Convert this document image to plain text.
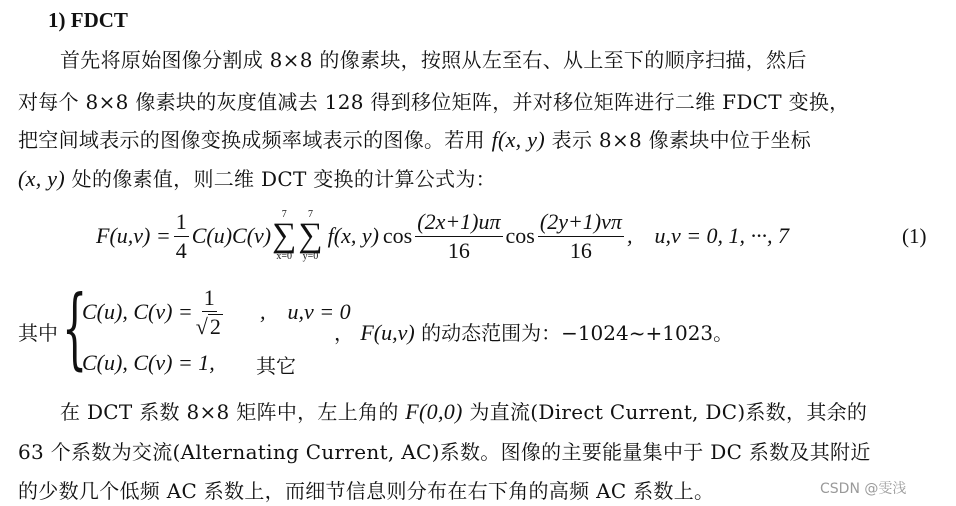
1) FDCT
首先将原始图像分割成 8×8 的像素块，按照从左至右、从上至下的顺序扫描，然后
对每个 8×8 像素块的灰度值减去 128 得到移位矩阵，并对移位矩阵进行二维 FDCT 变换，
把空间域表示的图像变换成频率域表示的图像。若用 f(x, y) 表示 8×8 像素块中位于坐标
(x, y) 处的像素值，则二维 DCT 变换的计算公式为：
$F(u,v) = \frac{1}{4} C(u)C(v)$
7
∑
x=0
7
∑
y=0
f(x, y) $\cos \frac{(2x+1)u\pi}{16}$ $\cos \frac{(2y+1)v\pi}{16}$ ,    u,v = 0, 1, ···, 7	(1)
其中 {
C(u), $C(v) = \frac{1}{√ 2}$ ,    u,v = 0
C(u), C(v) = 1, 其它
， F(u,v) 的动态范围为：−1024~+1023。
在 DCT 系数 8×8 矩阵中，左上角的 F(0,0) 为直流(Direct Current, DC)系数，其余的
63 个系数为交流(Alternating Current, AC)系数。图像的主要能量集中于 DC 系数及其附近
的少数几个低频 AC 系数上，而细节信息则分布在右下角的高频 AC 系数上。	CSDN @雯浅
